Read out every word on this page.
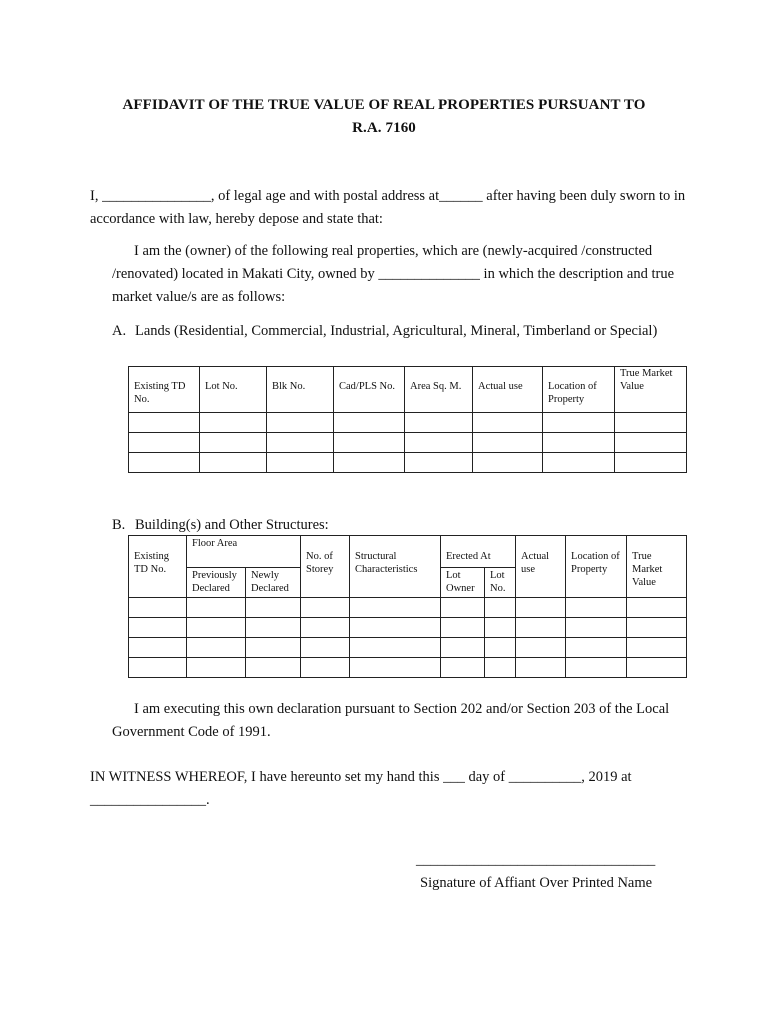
AFFIDAVIT OF THE TRUE VALUE OF REAL PROPERTIES PURSUANT TO
R.A. 7160

I, _______________, of legal age and with postal address at______ after having been duly sworn to in accordance with law, hereby depose and state that:

I am the (owner) of the following real properties, which are (newly-acquired /constructed /renovated) located in Makati City, owned by ______________ in which the description and true market value/s are as follows:

A. Lands (Residential, Commercial, Industrial, Agricultural, Mineral, Timberland or Special)
Existing TD No.	Lot No.	Blk No.	Cad/PLS No.	Area Sq. M.	Actual use	Location of Property	True Market Value

B. Building(s) and Other Structures:
Existing TD No.	Floor Area		No. of Storey	Structural Characteristics	Erected At		Actual use	Location of Property	True Market Value
	Previously Declared	Newly Declared			Lot Owner	Lot No.			

I am executing this own declaration pursuant to Section 202 and/or Section 203 of the Local Government Code of 1991.

IN WITNESS WHEREOF, I have hereunto set my hand this ___ day of __________, 2019 at ________________.

_________________________________
Signature of Affiant Over Printed Name
